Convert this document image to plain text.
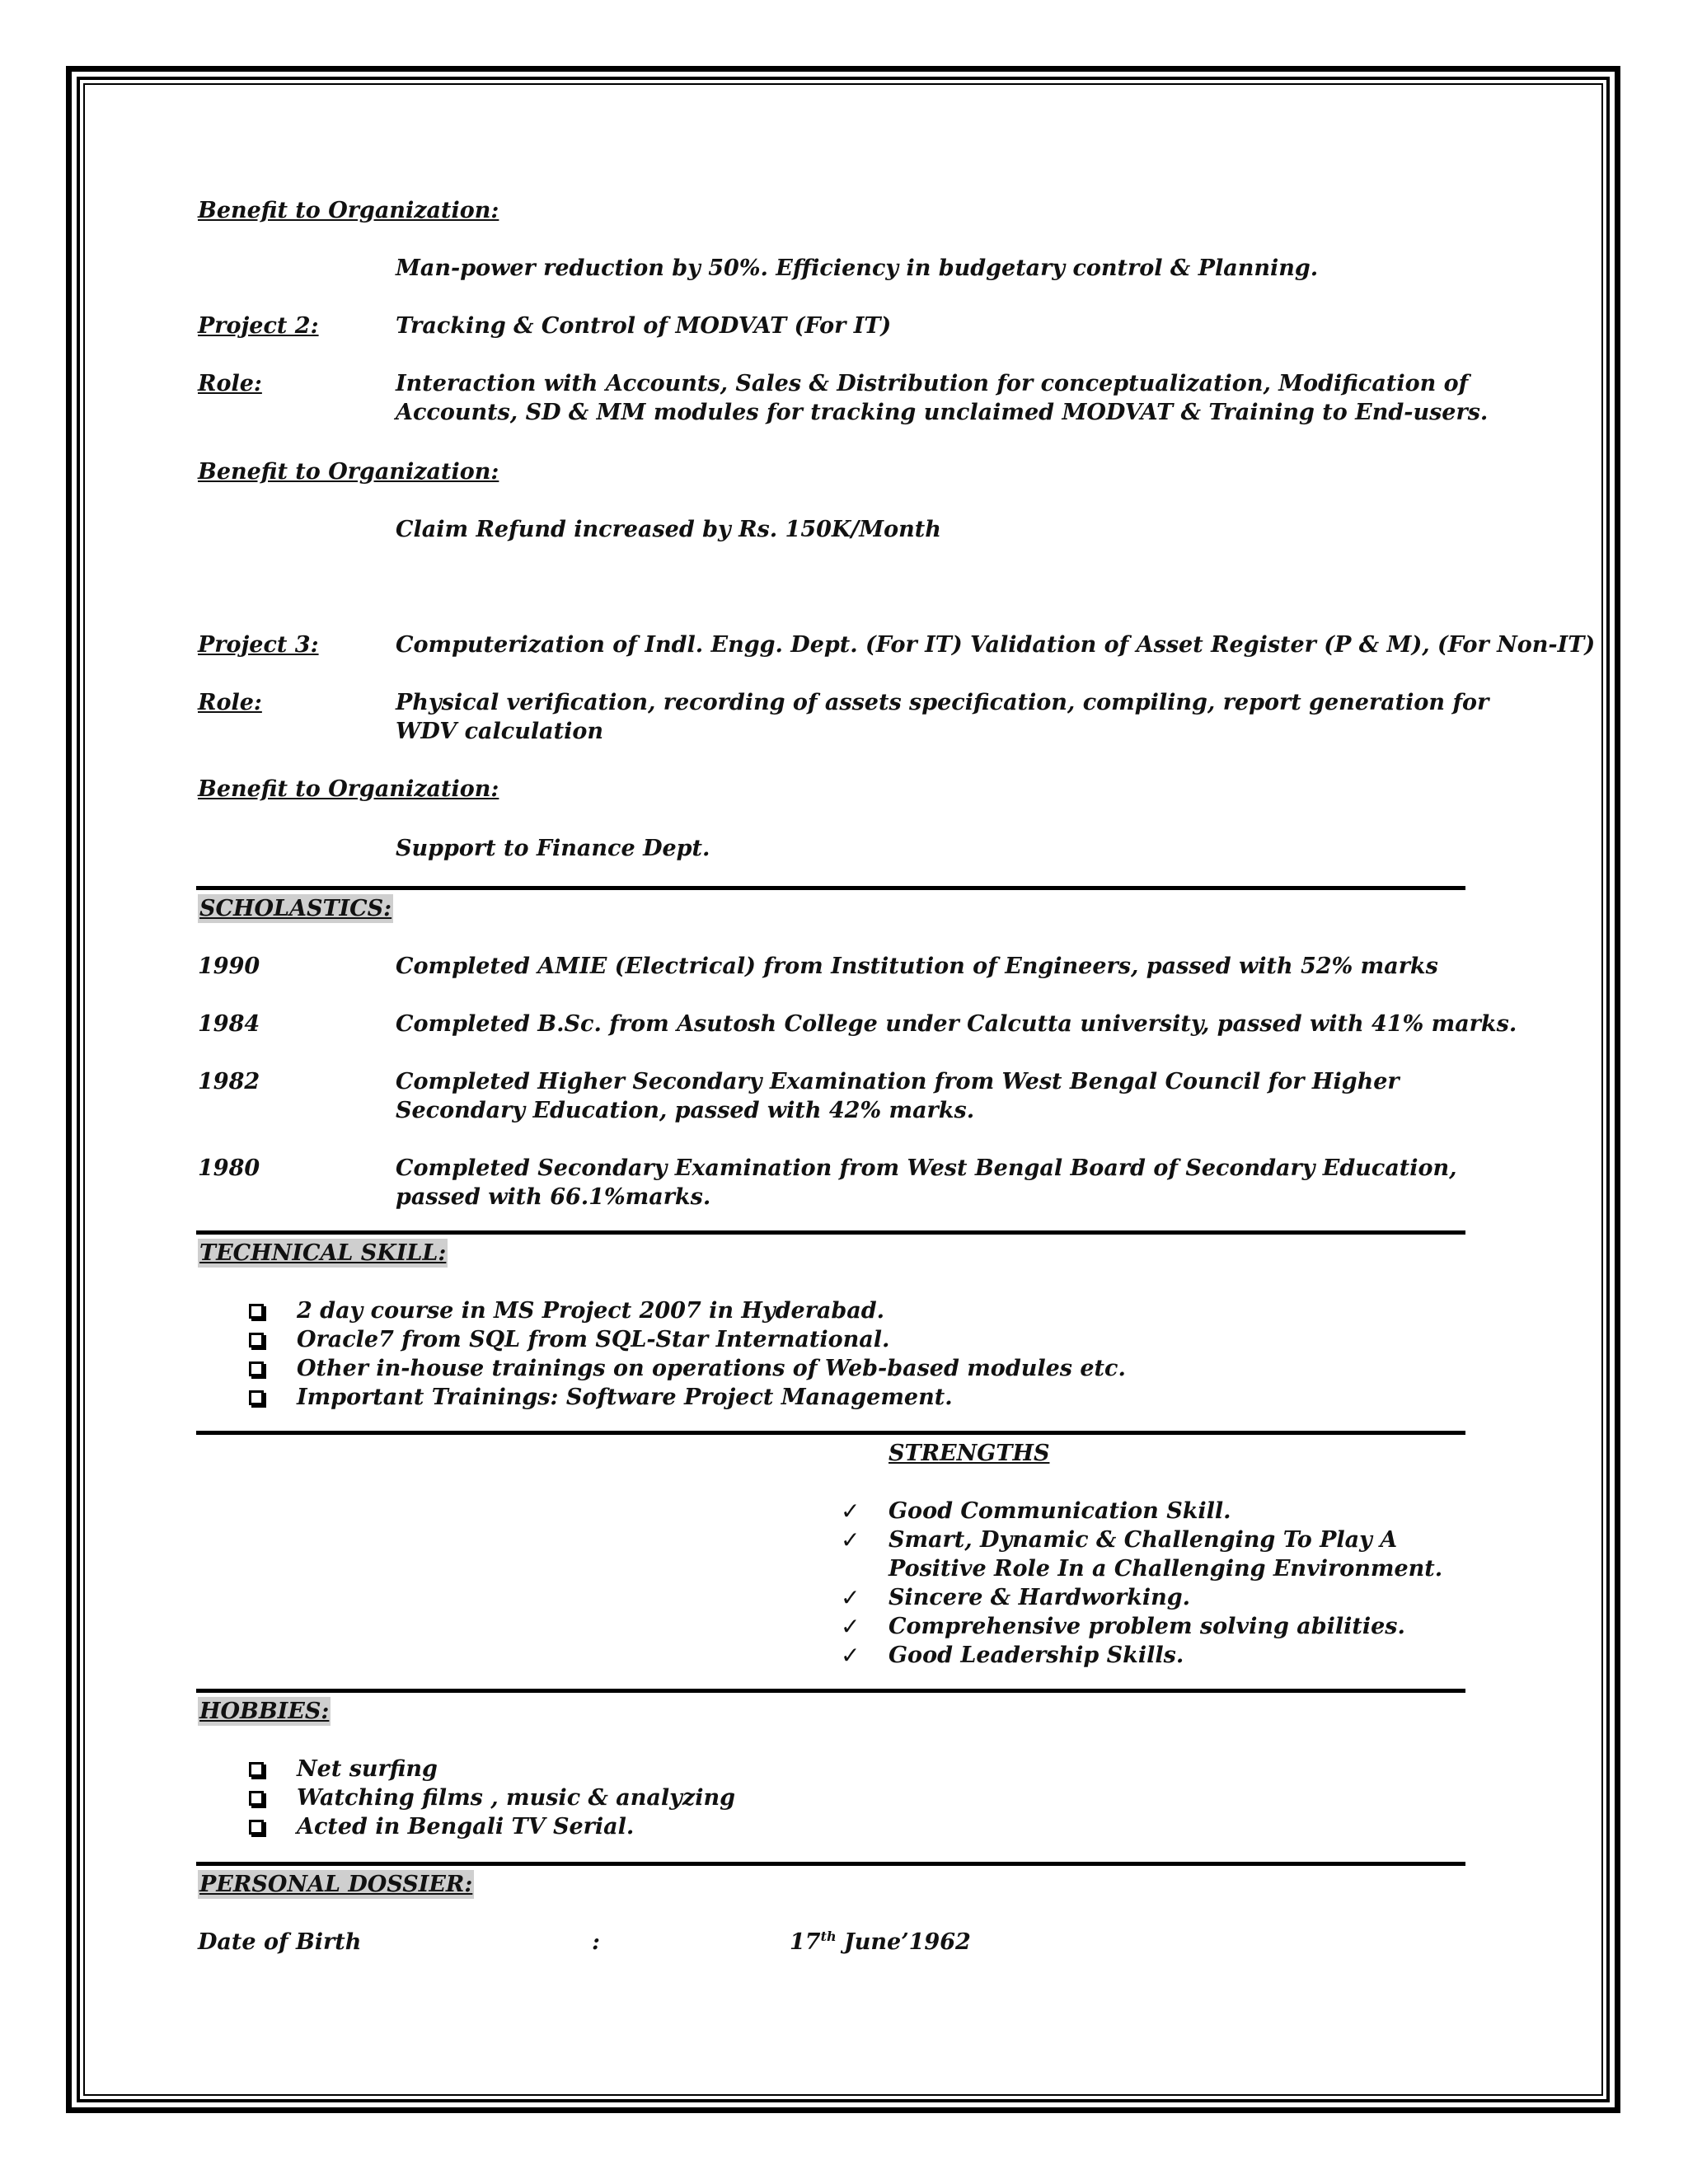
Benefit to Organization:
Man-power reduction by 50%. Efficiency in budgetary control & Planning.
Project 2:	Tracking & Control of MODVAT (For IT)
Role:	Interaction with Accounts, Sales & Distribution for conceptualization, Modification of Accounts, SD & MM modules for tracking unclaimed MODVAT & Training to End-users.
Benefit to Organization:
Claim Refund increased by Rs. 150K/Month
Project 3:	Computerization of Indl. Engg. Dept. (For IT) Validation of Asset Register (P & M), (For Non-IT)
Role:	Physical verification, recording of assets specification, compiling, report generation for WDV calculation
Benefit to Organization:
Support to Finance Dept.
SCHOLASTICS:
1990	Completed AMIE (Electrical) from Institution of Engineers, passed with 52% marks
1984	Completed B.Sc. from Asutosh College under Calcutta university, passed with 41% marks.
1982	Completed Higher Secondary Examination from West Bengal Council for Higher Secondary Education, passed with 42% marks.
1980	Completed Secondary Examination from West Bengal Board of Secondary Education, passed with 66.1%marks.
TECHNICAL SKILL:
2 day course in MS Project 2007 in Hyderabad.
Oracle7 from SQL from SQL-Star International.
Other in-house trainings on operations of Web-based modules etc.
Important Trainings: Software Project Management.
STRENGTHS
✓ Good Communication Skill.
✓ Smart, Dynamic & Challenging To Play A Positive Role In a Challenging Environment.
✓ Sincere & Hardworking.
✓ Comprehensive problem solving abilities.
✓ Good Leadership Skills.
HOBBIES:
Net surfing
Watching films , music & analyzing
Acted in Bengali TV Serial.
PERSONAL DOSSIER:
Date of Birth	:	17th June’1962
